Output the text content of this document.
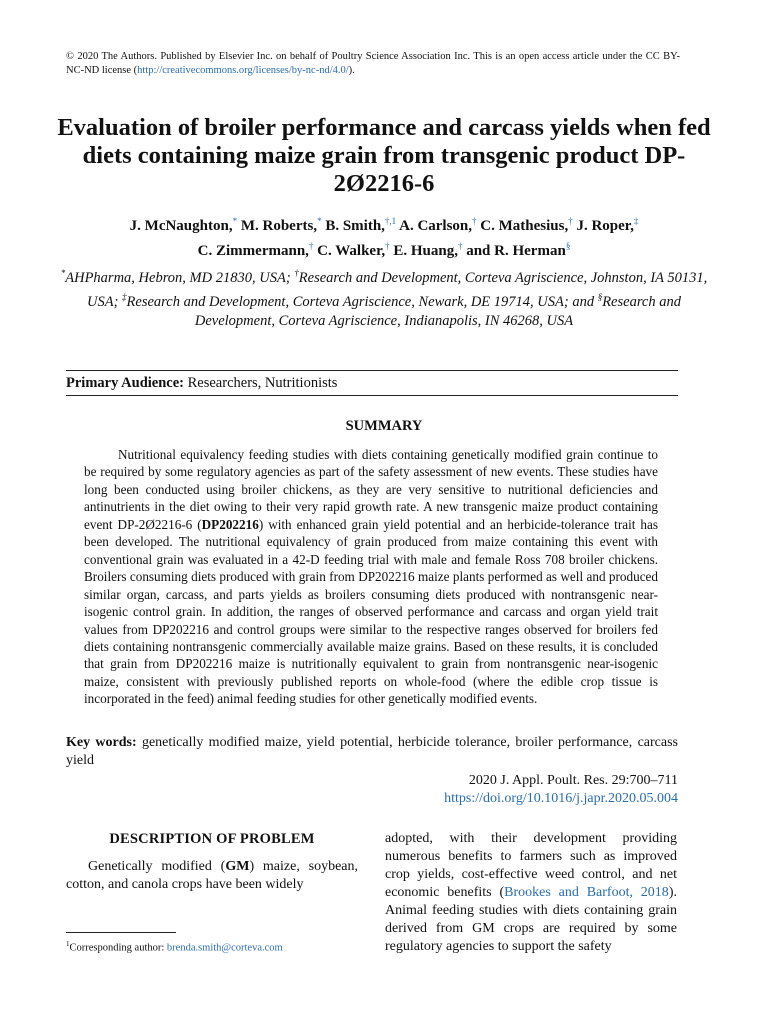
© 2020 The Authors. Published by Elsevier Inc. on behalf of Poultry Science Association Inc. This is an open access article under the CC BY-NC-ND license (http://creativecommons.org/licenses/by-nc-nd/4.0/).
Evaluation of broiler performance and carcass yields when fed diets containing maize grain from transgenic product DP-2Ø2216-6
J. McNaughton,* M. Roberts,* B. Smith,$^{\dagger,1}$ A. Carlson,† C. Mathesius,† J. Roper,‡
C. Zimmermann,† C. Walker,† E. Huang,† and R. Herman§
*AHPharma, Hebron, MD 21830, USA; †Research and Development, Corteva Agriscience, Johnston, IA 50131, USA; ‡Research and Development, Corteva Agriscience, Newark, DE 19714, USA; and §Research and Development, Corteva Agriscience, Indianapolis, IN 46268, USA
Primary Audience: Researchers, Nutritionists
SUMMARY

Nutritional equivalency feeding studies with diets containing genetically modified grain continue to be required by some regulatory agencies as part of the safety assessment of new events. These studies have long been conducted using broiler chickens, as they are very sensitive to nutritional deficiencies and antinutrients in the diet owing to their very rapid growth rate. A new transgenic maize product containing event DP-2Ø2216-6 (DP202216) with enhanced grain yield potential and an herbicide-tolerance trait has been developed. The nutritional equivalency of grain produced from maize containing this event with conventional grain was evaluated in a 42-D feeding trial with male and female Ross 708 broiler chickens. Broilers consuming diets produced with grain from DP202216 maize plants performed as well and produced similar organ, carcass, and parts yields as broilers consuming diets produced with nontransgenic near-isogenic control grain. In addition, the ranges of observed performance and carcass and organ yield trait values from DP202216 and control groups were similar to the respective ranges observed for broilers fed diets containing nontransgenic commercially available maize grains. Based on these results, it is concluded that grain from DP202216 maize is nutritionally equivalent to grain from nontransgenic near-isogenic maize, consistent with previously published reports on whole-food (where the edible crop tissue is incorporated in the feed) animal feeding studies for other genetically modified events.

Key words: genetically modified maize, yield potential, herbicide tolerance, broiler performance, carcass yield
2020 J. Appl. Poult. Res. 29:700–711
https://doi.org/10.1016/j.japr.2020.05.004
DESCRIPTION OF PROBLEM

Genetically modified (GM) maize, soybean, cotton, and canola crops have been widely

adopted, with their development providing numerous benefits to farmers such as improved crop yields, cost-effective weed control, and net economic benefits (Brookes and Barfoot, 2018). Animal feeding studies with diets containing grain derived from GM crops are required by some regulatory agencies to support the safety

$^1$Corresponding author: brenda.smith@corteva.com
